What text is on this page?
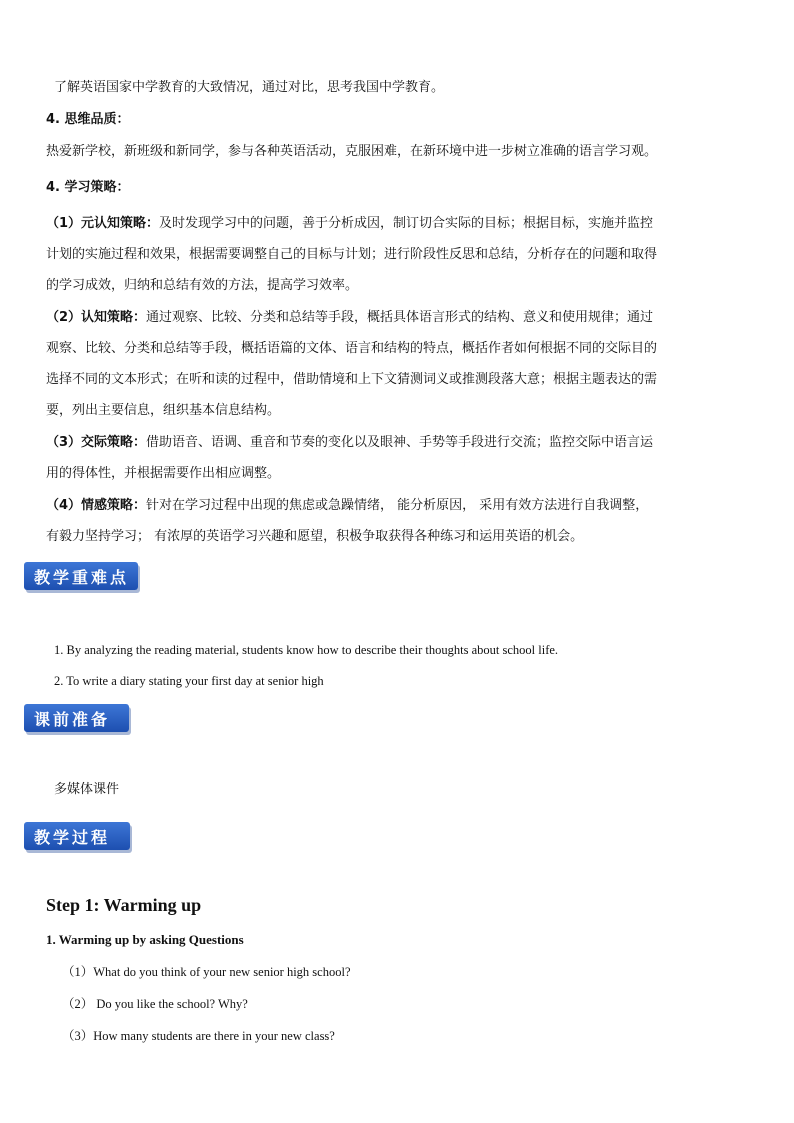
了解英语国家中学教育的大致情况，通过对比，思考我国中学教育。
4. 思维品质：
热爱新学校，新班级和新同学，参与各种英语活动，克服困难，在新环境中进一步树立准确的语言学习观。
4. 学习策略：
（1）元认知策略：及时发现学习中的问题，善于分析成因，制订切合实际的目标；根据目标，实施并监控
计划的实施过程和效果，根据需要调整自己的目标与计划；进行阶段性反思和总结，分析存在的问题和取得
的学习成效，归纳和总结有效的方法，提高学习效率。
（2）认知策略：通过观察、比较、分类和总结等手段，概括具体语言形式的结构、意义和使用规律；通过
观察、比较、分类和总结等手段，概括语篇的文体、语言和结构的特点，概括作者如何根据不同的交际目的
选择不同的文本形式；在听和读的过程中，借助情境和上下文猜测词义或推测段落大意；根据主题表达的需
要，列出主要信息，组织基本信息结构。
（3）交际策略：借助语音、语调、重音和节奏的变化以及眼神、手势等手段进行交流；监控交际中语言运
用的得体性，并根据需要作出相应调整。
（4）情感策略：针对在学习过程中出现的焦虑或急躁情绪， 能分析原因， 采用有效方法进行自我调整，
有毅力坚持学习； 有浓厚的英语学习兴趣和愿望，积极争取获得各种练习和运用英语的机会。
教学重难点
1. By analyzing the reading material, students know how to describe their thoughts about school life.
2. To write a diary stating your first day at senior high
课前准备
多媒体课件
教学过程
Step 1: Warming up
1. Warming up by asking Questions
（1）What do you think of your new senior high school?
（2） Do you like the school? Why?
（3）How many students are there in your new class?
